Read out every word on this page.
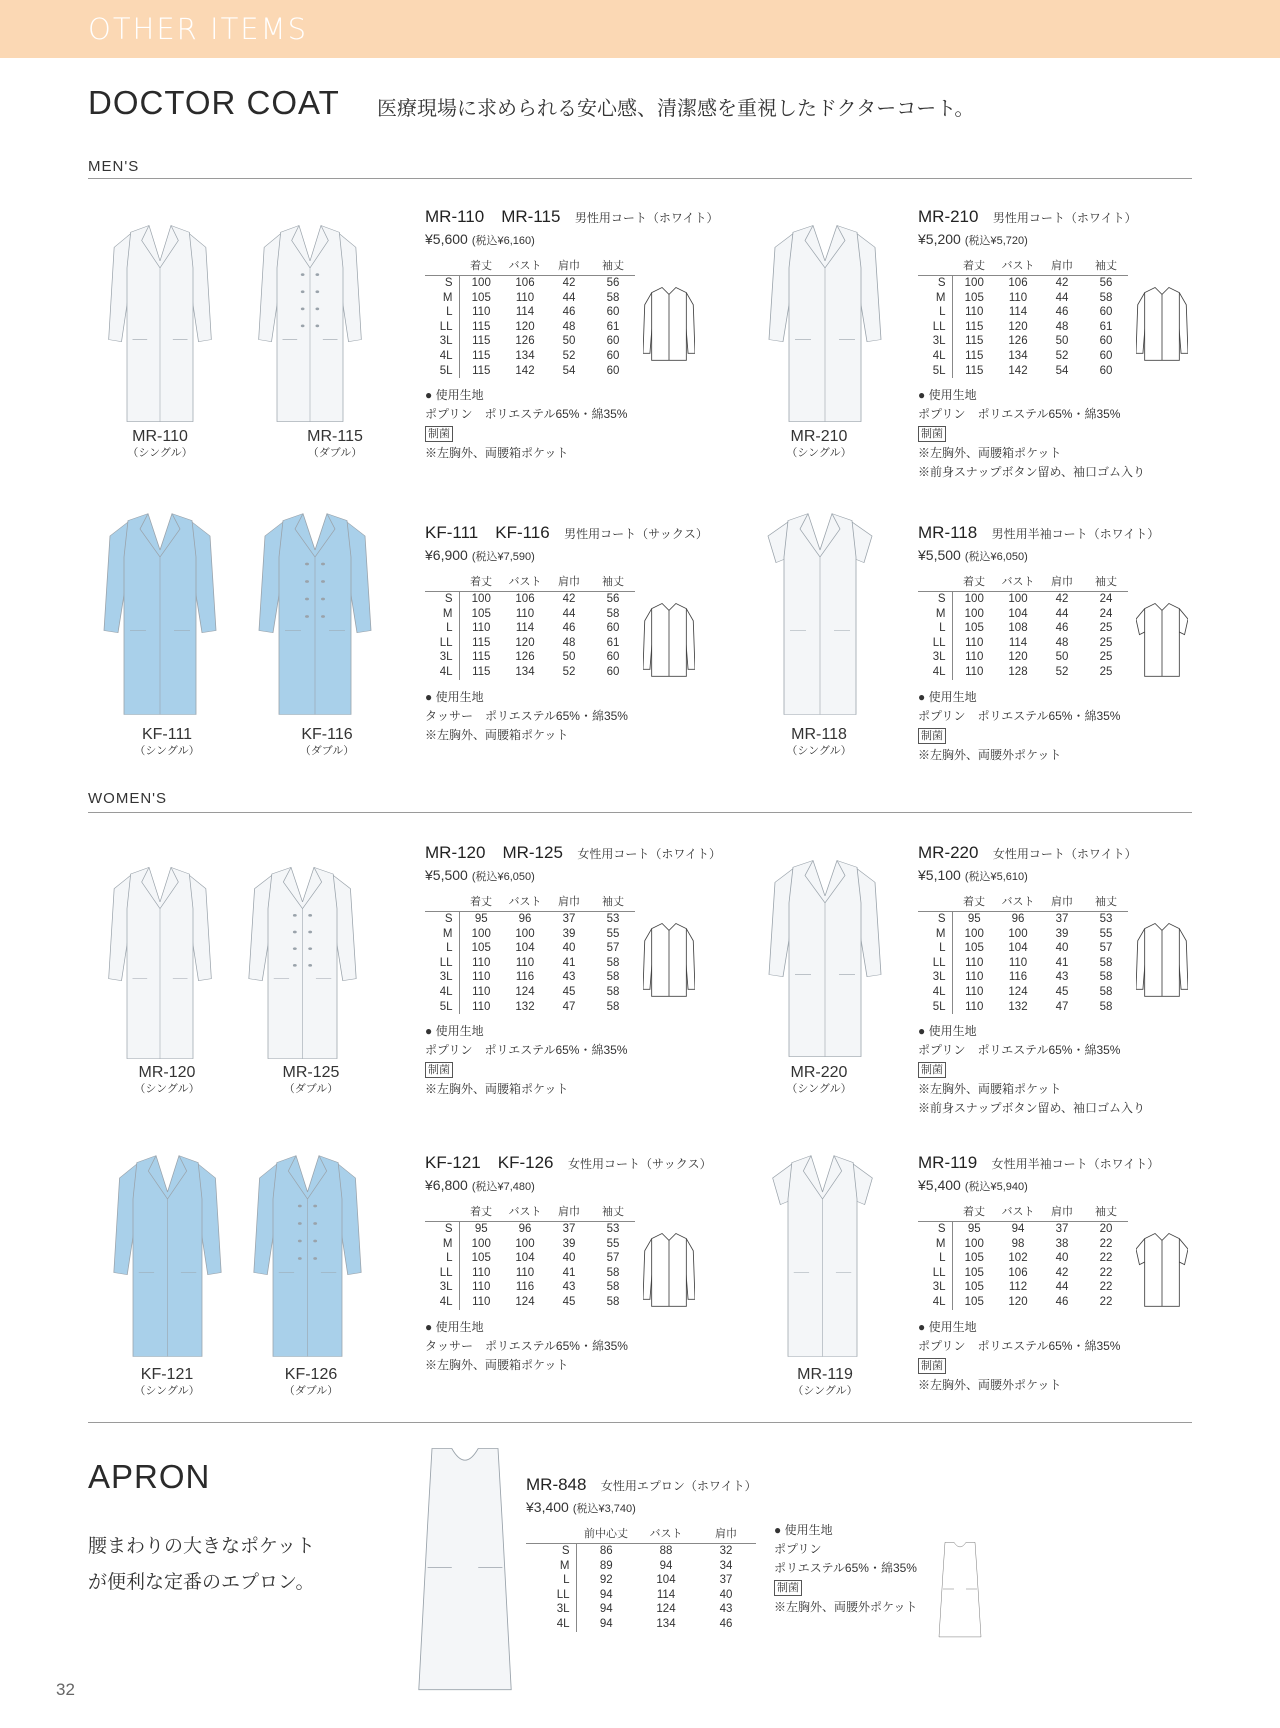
OTHER ITEMS
DOCTOR COAT 医療現場に求められる安心感、清潔感を重視したドクターコート。
MEN'S
WOMEN'S
MR-110
（シングル）
MR-115
（ダブル）
MR-210
（シングル）
KF-111
（シングル）
KF-116
（ダブル）
MR-118
（シングル）
MR-120
（シングル）
MR-125
（ダブル）
MR-220
（シングル）
KF-121
（シングル）
KF-126
（ダブル）
MR-119
（シングル）
MR-110　MR-115 男性用コート（ホワイト）
¥5,600 (税込¥6,160)
	着丈	バスト	肩巾	袖丈
S	100	106	42	56
M	105	110	44	58
L	110	114	46	60
LL	115	120	48	61
3L	115	126	50	60
4L	115	134	52	60
5L	115	142	54	60
● 使用生地
ポプリン　ポリエステル65%・綿35%
制菌
※左胸外、両腰箱ポケット
MR-210 男性用コート（ホワイト）
¥5,200 (税込¥5,720)
	着丈	バスト	肩巾	袖丈
S	100	106	42	56
M	105	110	44	58
L	110	114	46	60
LL	115	120	48	61
3L	115	126	50	60
4L	115	134	52	60
5L	115	142	54	60
● 使用生地
ポプリン　ポリエステル65%・綿35%
制菌
※左胸外、両腰箱ポケット
※前身スナップボタン留め、袖口ゴム入り
KF-111　KF-116 男性用コート（サックス）
¥6,900 (税込¥7,590)
	着丈	バスト	肩巾	袖丈
S	100	106	42	56
M	105	110	44	58
L	110	114	46	60
LL	115	120	48	61
3L	115	126	50	60
4L	115	134	52	60
● 使用生地
タッサー　ポリエステル65%・綿35%
※左胸外、両腰箱ポケット
MR-118 男性用半袖コート（ホワイト）
¥5,500 (税込¥6,050)
	着丈	バスト	肩巾	袖丈
S	100	100	42	24
M	100	104	44	24
L	105	108	46	25
LL	110	114	48	25
3L	110	120	50	25
4L	110	128	52	25
● 使用生地
ポプリン　ポリエステル65%・綿35%
制菌
※左胸外、両腰外ポケット
MR-120　MR-125 女性用コート（ホワイト）
¥5,500 (税込¥6,050)
	着丈	バスト	肩巾	袖丈
S	95	96	37	53
M	100	100	39	55
L	105	104	40	57
LL	110	110	41	58
3L	110	116	43	58
4L	110	124	45	58
5L	110	132	47	58
● 使用生地
ポプリン　ポリエステル65%・綿35%
制菌
※左胸外、両腰箱ポケット
MR-220 女性用コート（ホワイト）
¥5,100 (税込¥5,610)
	着丈	バスト	肩巾	袖丈
S	95	96	37	53
M	100	100	39	55
L	105	104	40	57
LL	110	110	41	58
3L	110	116	43	58
4L	110	124	45	58
5L	110	132	47	58
● 使用生地
ポプリン　ポリエステル65%・綿35%
制菌
※左胸外、両腰箱ポケット
※前身スナップボタン留め、袖口ゴム入り
KF-121　KF-126 女性用コート（サックス）
¥6,800 (税込¥7,480)
	着丈	バスト	肩巾	袖丈
S	95	96	37	53
M	100	100	39	55
L	105	104	40	57
LL	110	110	41	58
3L	110	116	43	58
4L	110	124	45	58
● 使用生地
タッサー　ポリエステル65%・綿35%
※左胸外、両腰箱ポケット
MR-119 女性用半袖コート（ホワイト）
¥5,400 (税込¥5,940)
	着丈	バスト	肩巾	袖丈
S	95	94	37	20
M	100	98	38	22
L	105	102	40	22
LL	105	106	42	22
3L	105	112	44	22
4L	105	120	46	22
● 使用生地
ポプリン　ポリエステル65%・綿35%
制菌
※左胸外、両腰外ポケット
MR-848 女性用エプロン（ホワイト）
¥3,400 (税込¥3,740)
	前中心丈	バスト	肩巾
S	86	88	32
M	89	94	34
L	92	104	37
LL	94	114	40
3L	94	124	43
4L	94	134	46
● 使用生地
ポプリン
ポリエステル65%・綿35%
制菌
※左胸外、両腰外ポケット
APRON
腰まわりの大きなポケット
が便利な定番のエプロン。
32
